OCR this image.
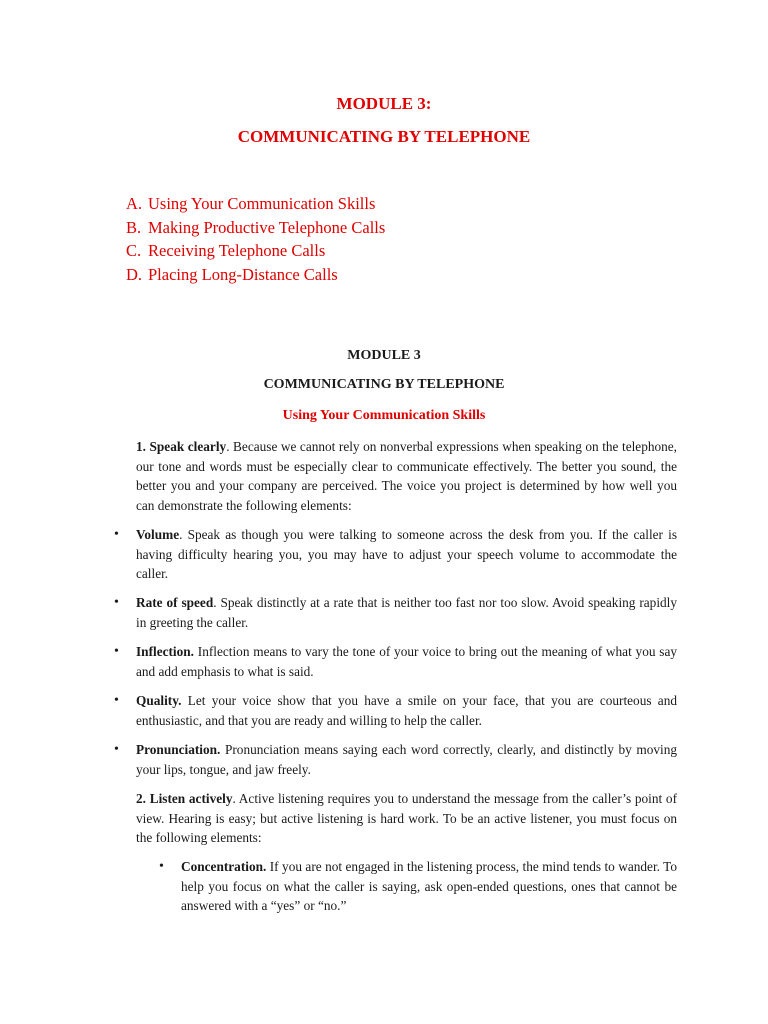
MODULE 3:
COMMUNICATING BY TELEPHONE
A. Using Your Communication Skills
B. Making Productive Telephone Calls
C. Receiving Telephone Calls
D. Placing Long-Distance Calls
MODULE 3
COMMUNICATING BY TELEPHONE
Using Your Communication Skills

1. Speak clearly. Because we cannot rely on nonverbal expressions when speaking on the telephone, our tone and words must be especially clear to communicate effectively. The better you sound, the better you and your company are perceived. The voice you project is determined by how well you can demonstrate the following elements:

• Volume. Speak as though you were talking to someone across the desk from you. If the caller is having difficulty hearing you, you may have to adjust your speech volume to accommodate the caller.

• Rate of speed. Speak distinctly at a rate that is neither too fast nor too slow. Avoid speaking rapidly in greeting the caller.

• Inflection. Inflection means to vary the tone of your voice to bring out the meaning of what you say and add emphasis to what is said.

• Quality. Let your voice show that you have a smile on your face, that you are courteous and enthusiastic, and that you are ready and willing to help the caller.

• Pronunciation. Pronunciation means saying each word correctly, clearly, and distinctly by moving your lips, tongue, and jaw freely.

2. Listen actively. Active listening requires you to understand the message from the caller’s point of view. Hearing is easy; but active listening is hard work. To be an active listener, you must focus on the following elements:

• Concentration. If you are not engaged in the listening process, the mind tends to wander. To help you focus on what the caller is saying, ask open-ended questions, ones that cannot be answered with a “yes” or “no.”
